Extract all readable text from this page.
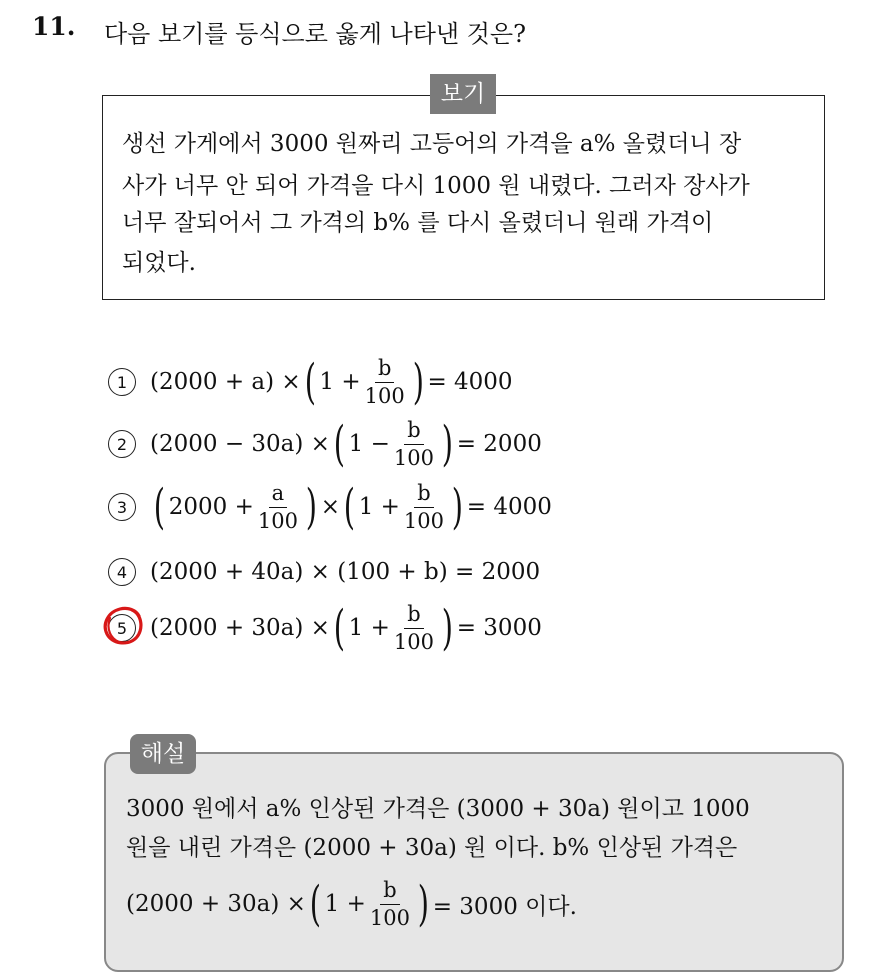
11. 다음 보기를 등식으로 옳게 나타낸 것은?
보기
생선 가게에서 3000 원짜리 고등어의 가격을 a% 올렸더니 장
사가 너무 안 되어 가격을 다시 1000 원 내렸다. 그러자 장사가
너무 잘되어서 그 가격의 b% 를 다시 올렸더니 원래 가격이
되었다.
1 (2000 + a) × ( $1 + \frac{b}{100}$ ) = 4000
2 (2000 − 30a) × ( $1 - \frac{b}{100}$ ) = 2000
3 ( $2000 + \frac{a}{100}$ ) × ( $1 + \frac{b}{100}$ ) = 4000
4 (2000 + 40a) × (100 + b) = 2000
5 (2000 + 30a) × ( $1 + \frac{b}{100}$ ) = 3000
해설
3000 원에서 a% 인상된 가격은 (3000 + 30a) 원이고 1000
원을 내린 가격은 (2000 + 30a) 원 이다. b% 인상된 가격은
(2000 + 30a) × ( $1 + \frac{b}{100}$ ) = 3000 이다.
